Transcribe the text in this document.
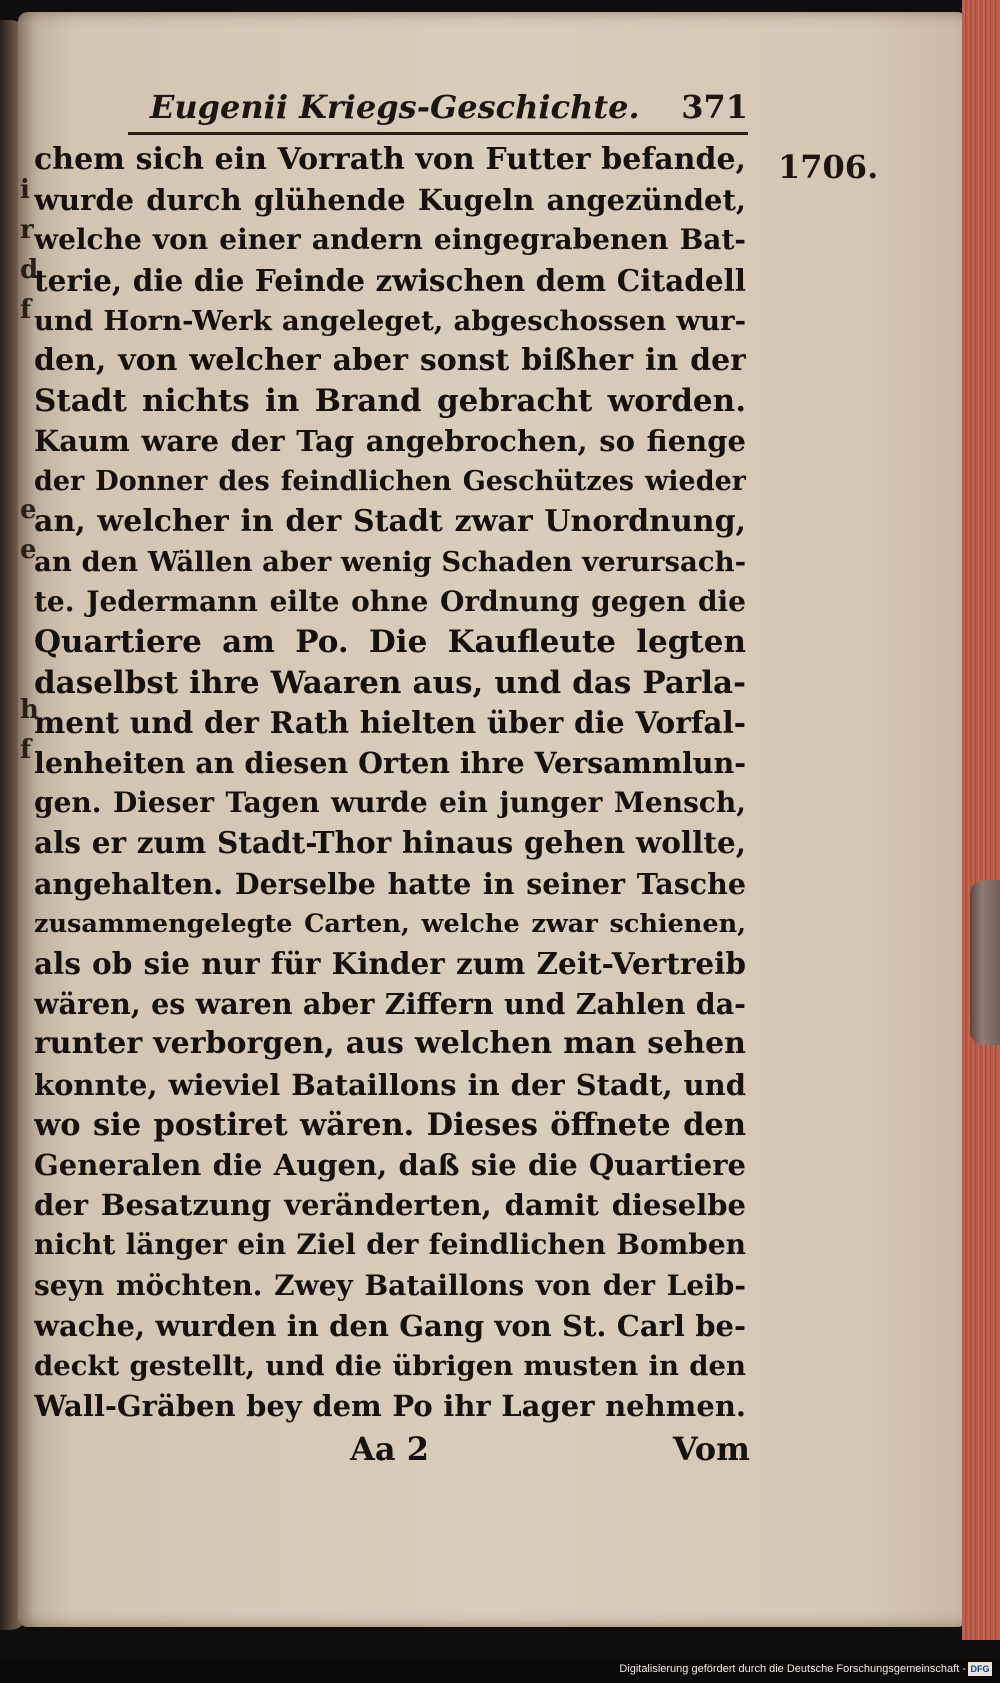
i
r
d
f
e
e
h
f
Eugenii Kriegs-Geschichte. 371
1706.
chem sich ein Vorrath von Futter befande,
wurde durch glühende Kugeln angezündet,
welche von einer andern eingegrabenen Bat-
terie, die die Feinde zwischen dem Citadell
und Horn-Werk angeleget, abgeschossen wur-
den, von welcher aber sonst bißher in der
Stadt nichts in Brand gebracht worden.
Kaum ware der Tag angebrochen, so fienge
der Donner des feindlichen Geschützes wieder
an, welcher in der Stadt zwar Unordnung,
an den Wällen aber wenig Schaden verursach-
te. Jedermann eilte ohne Ordnung gegen die
Quartiere am Po. Die Kaufleute legten
daselbst ihre Waaren aus, und das Parla-
ment und der Rath hielten über die Vorfal-
lenheiten an diesen Orten ihre Versammlun-
gen. Dieser Tagen wurde ein junger Mensch,
als er zum Stadt-Thor hinaus gehen wollte,
angehalten. Derselbe hatte in seiner Tasche
zusammengelegte Carten, welche zwar schienen,
als ob sie nur für Kinder zum Zeit-Vertreib
wären, es waren aber Ziffern und Zahlen da-
runter verborgen, aus welchen man sehen
konnte, wieviel Bataillons in der Stadt, und
wo sie postiret wären. Dieses öffnete den
Generalen die Augen, daß sie die Quartiere
der Besatzung veränderten, damit dieselbe
nicht länger ein Ziel der feindlichen Bomben
seyn möchten. Zwey Bataillons von der Leib-
wache, wurden in den Gang von St. Carl be-
deckt gestellt, und die übrigen musten in den
Wall-Gräben bey dem Po ihr Lager nehmen.
Aa 2	Vom
Digitalisierung gefördert durch die Deutsche Forschungsgemeinschaft - DFG
